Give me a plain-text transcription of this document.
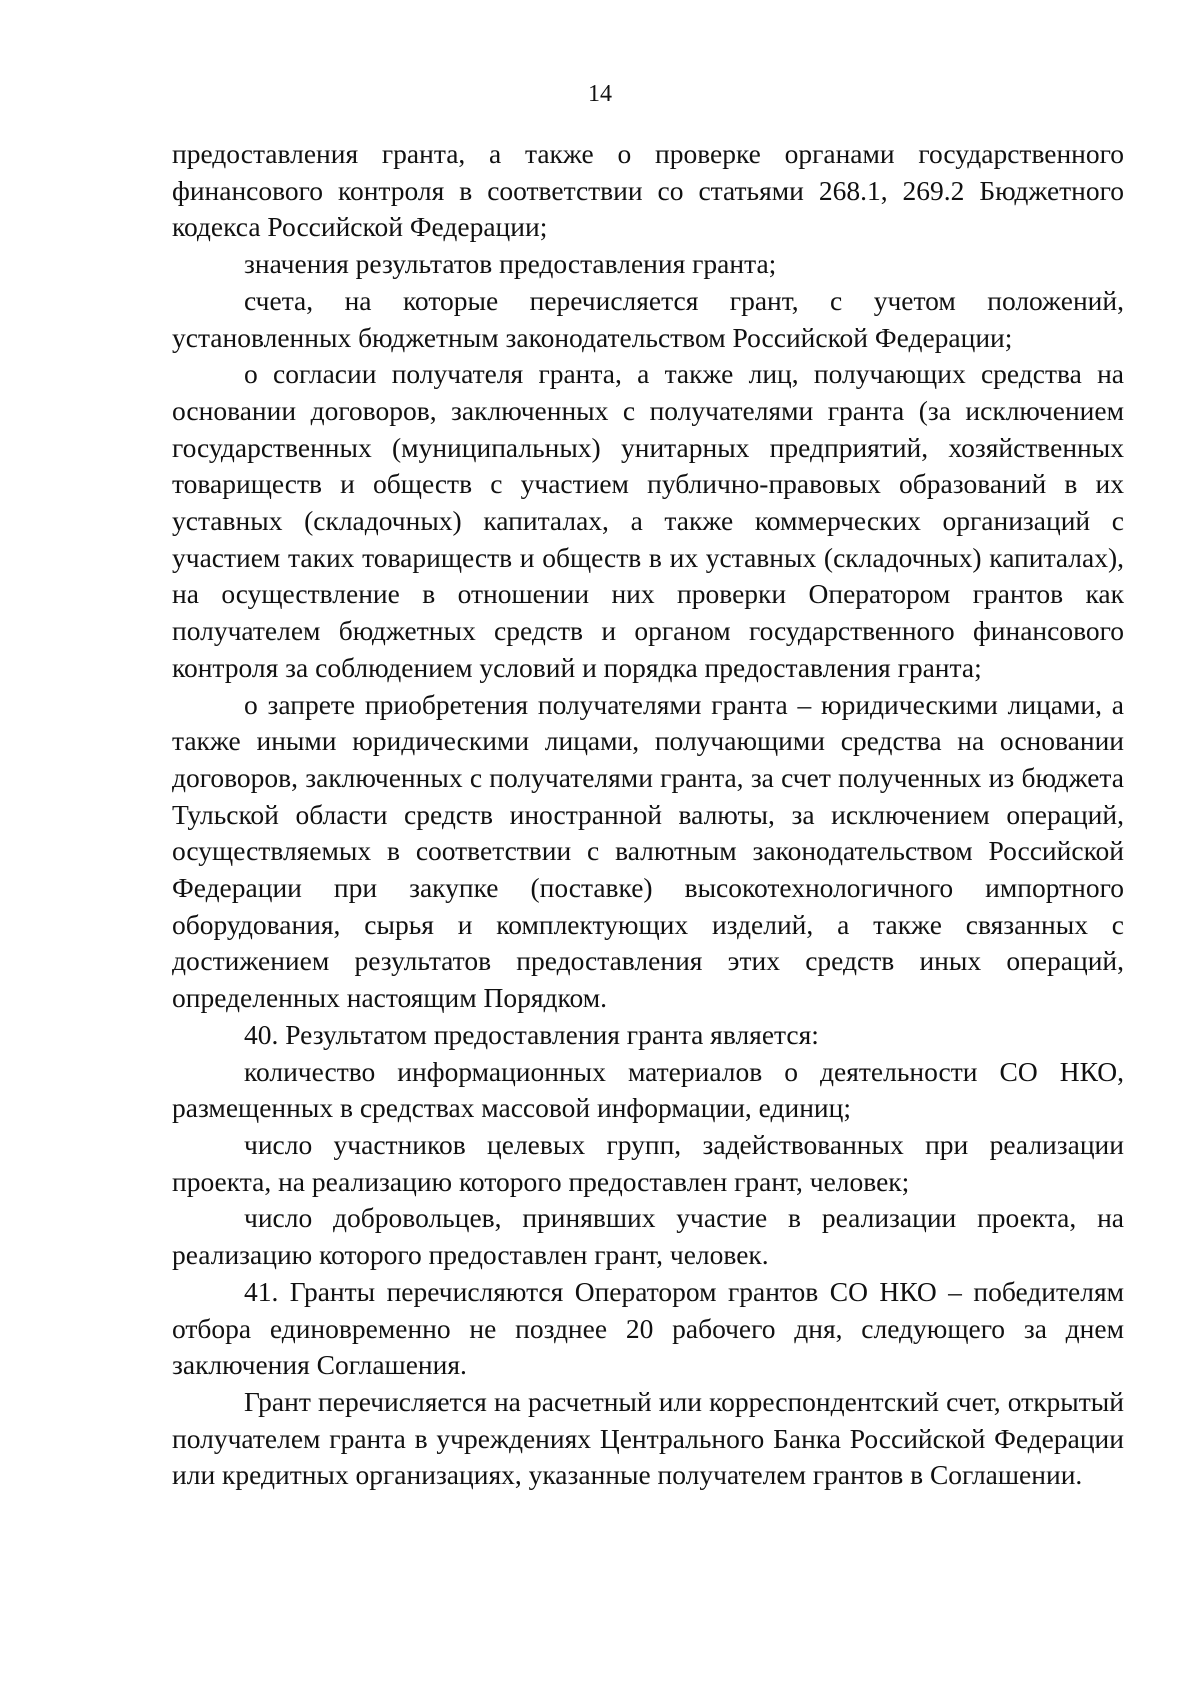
14

предоставления гранта, а также о проверке органами государственного финансового контроля в соответствии со статьями 268.1, 269.2 Бюджетного кодекса Российской Федерации;

значения результатов предоставления гранта;

счета, на которые перечисляется грант, с учетом положений, установленных бюджетным законодательством Российской Федерации;

о согласии получателя гранта, а также лиц, получающих средства на основании договоров, заключенных с получателями гранта (за исключением государственных (муниципальных) унитарных предприятий, хозяйственных товариществ и обществ с участием публично-правовых образований в их уставных (складочных) капиталах, а также коммерческих организаций с участием таких товариществ и обществ в их уставных (складочных) капиталах), на осуществление в отношении них проверки Оператором грантов как получателем бюджетных средств и органом государственного финансового контроля за соблюдением условий и порядка предоставления гранта;

о запрете приобретения получателями гранта – юридическими лицами, а также иными юридическими лицами, получающими средства на основании договоров, заключенных с получателями гранта, за счет полученных из бюджета Тульской области средств иностранной валюты, за исключением операций, осуществляемых в соответствии с валютным законодательством Российской Федерации при закупке (поставке) высокотехнологичного импортного оборудования, сырья и комплектующих изделий, а также связанных с достижением результатов предоставления этих средств иных операций, определенных настоящим Порядком.

40. Результатом предоставления гранта является:

количество информационных материалов о деятельности СО НКО, размещенных в средствах массовой информации, единиц;

число участников целевых групп, задействованных при реализации проекта, на реализацию которого предоставлен грант, человек;

число добровольцев, принявших участие в реализации проекта, на реализацию которого предоставлен грант, человек.

41. Гранты перечисляются Оператором грантов СО НКО – победителям отбора единовременно не позднее 20 рабочего дня, следующего за днем заключения Соглашения.

Грант перечисляется на расчетный или корреспондентский счет, открытый получателем гранта в учреждениях Центрального Банка Российской Федерации или кредитных организациях, указанные получателем грантов в Соглашении.
